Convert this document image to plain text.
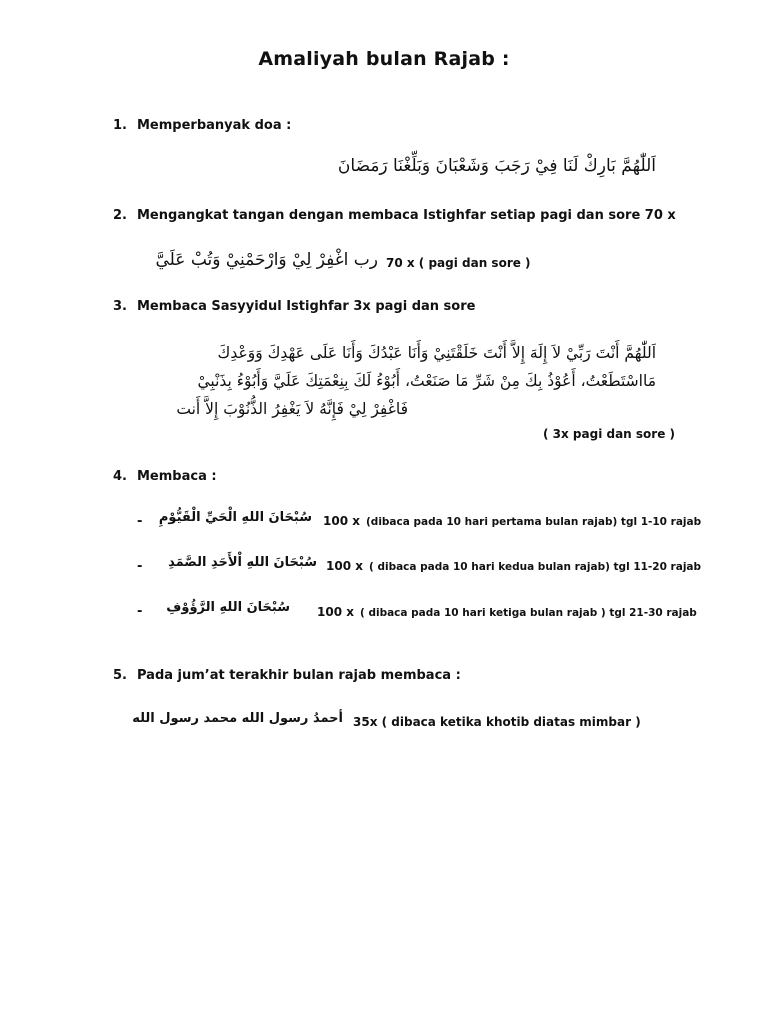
Amaliyah bulan Rajab :
1. Memperbanyak doa :
اَللّٰهُمَّ بَارِكْ لَنَا فِيْ رَجَبَ وَشَعْبَانَ وَبَلِّغْنَا رَمَضَانَ
2. Mengangkat tangan dengan membaca Istighfar setiap pagi dan sore 70 x
70 x ( pagi dan sore )
رب اغْفِرْ لِيْ وَارْحَمْنِيْ وَتُبْ عَلَيَّ
3. Membaca Sasyyidul Istighfar 3x pagi dan sore
اَللّٰهُمَّ أَنْتَ رَبِّيْ لاَ إِلَهَ إِلاَّ أَنْتَ خَلَقْتَنِيْ وَأَنَا عَبْدُكَ وَأَنَا عَلَى عَهْدِكَ وَوَعْدِكَ
مَااسْتَطَعْتُ، أَعُوْذُ بِكَ مِنْ شَرِّ مَا صَنَعْتُ، أَبُوْءُ لَكَ بِنِعْمَتِكَ عَلَيَّ وَأَبُوْءُ بِذَنْبِيْ
فَاغْفِرْ لِيْ فَإِنَّهُ لاَ يَغْفِرُ الذُّنُوْبَ إِلاَّ أَنت
( 3x pagi dan sore )
4. Membaca :
-	سُبْحَانَ اللهِ الْحَيِّ الْقَيُّوْمِ 100 x (dibaca pada 10 hari pertama bulan rajab) tgl 1-10 rajab
-	سُبْحَانَ اللهِ اْلأَحَدِ الصَّمَدِ 100 x ( dibaca pada 10 hari kedua bulan rajab) tgl 11-20 rajab
-	سُبْحَانَ اللهِ الرَّؤُوْفِ 100 x ( dibaca pada 10 hari ketiga bulan rajab ) tgl 21-30 rajab
5. Pada jum’at terakhir bulan rajab membaca :
أحمدُ رسول الله محمد رسول الله 35x ( dibaca ketika khotib diatas mimbar )
